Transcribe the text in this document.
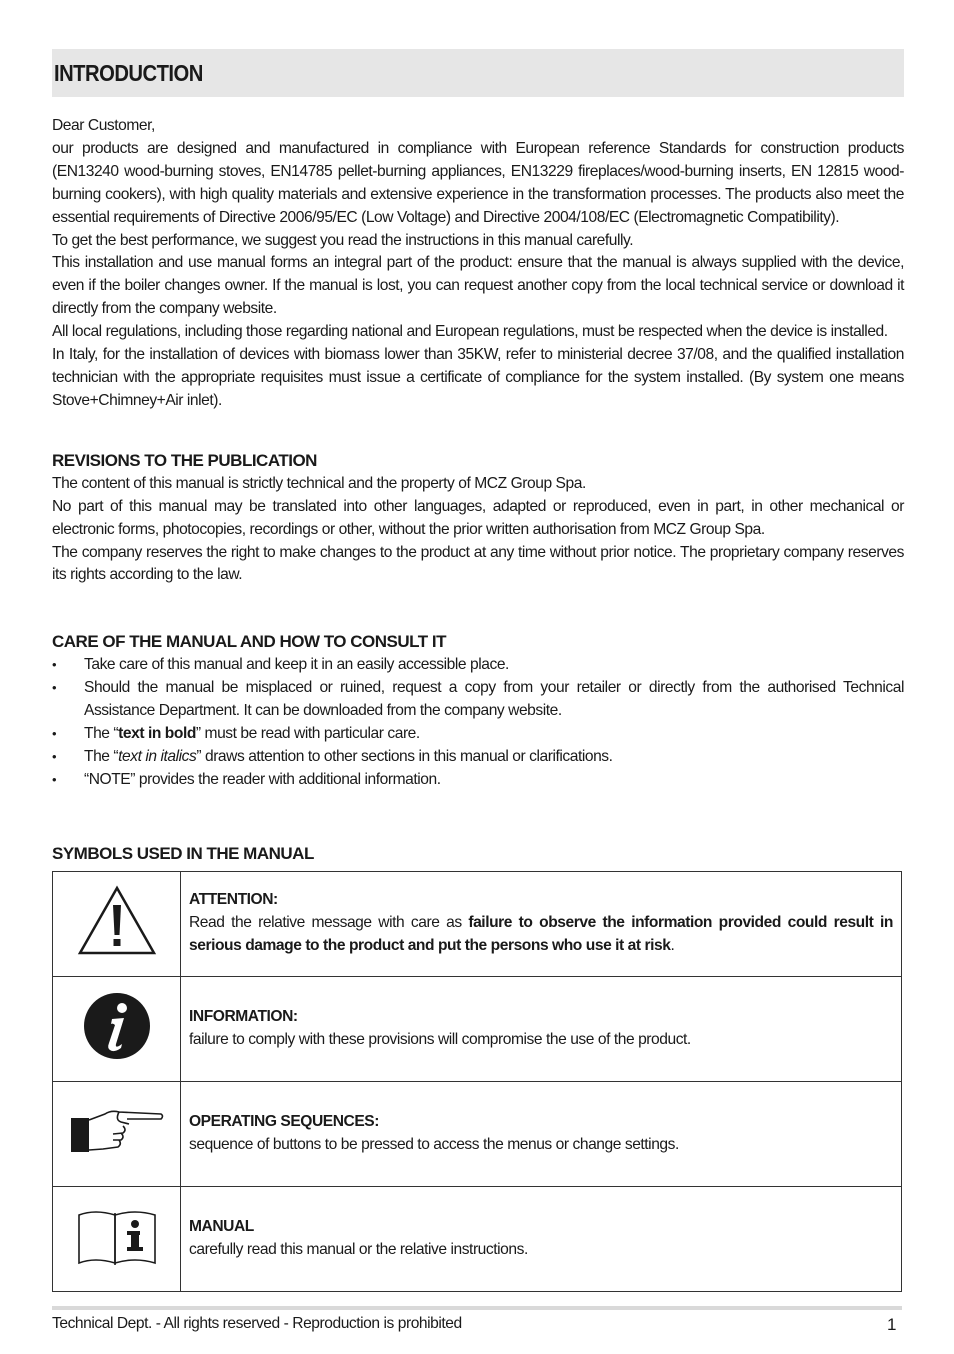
INTRODUCTION

Dear Customer,

our products are designed and manufactured in compliance with European reference Standards for construction products (EN13240 wood-burning stoves, EN14785 pellet-burning appliances, EN13229 fireplaces/wood-burning inserts, EN 12815 wood-burning cookers), with high quality materials and extensive experience in the transformation processes. The products also meet the essential requirements of Directive 2006/95/EC (Low Voltage) and Directive 2004/108/EC (Electromagnetic Compatibility).

To get the best performance, we suggest you read the instructions in this manual carefully.

This installation and use manual forms an integral part of the product: ensure that the manual is always supplied with the device, even if the boiler changes owner. If the manual is lost, you can request another copy from the local technical service or download it directly from the company website.

All local regulations, including those regarding national and European regulations, must be respected when the device is installed.

In Italy, for the installation of devices with biomass lower than 35KW, refer to ministerial decree 37/08, and the qualified installation technician with the appropriate requisites must issue a certificate of compliance for the system installed. (By system one means Stove+Chimney+Air inlet).

REVISIONS TO THE PUBLICATION

The content of this manual is strictly technical and the property of MCZ Group Spa.

No part of this manual may be translated into other languages, adapted or reproduced, even in part, in other mechanical or electronic forms, photocopies, recordings or other, without the prior written authorisation from MCZ Group Spa.

The company reserves the right to make changes to the product at any time without prior notice. The proprietary company reserves its rights according to the law.

CARE OF THE MANUAL AND HOW TO CONSULT IT
• Take care of this manual and keep it in an easily accessible place.
• Should the manual be misplaced or ruined, request a copy from your retailer or directly from the authorised Technical Assistance Department. It can be downloaded from the company website.
• The “text in bold” must be read with particular care.
• The “text in italics” draws attention to other sections in this manual or clarifications.
• “NOTE” provides the reader with additional information.
SYMBOLS USED IN THE MANUAL

ATTENTION:
Read the relative message with care as failure to observe the information provided could result in serious damage to the product and put the persons who use it at risk.

INFORMATION:
failure to comply with these provisions will compromise the use of the product.

OPERATING SEQUENCES:
sequence of buttons to be pressed to access the menus or change settings.

MANUAL
carefully read this manual or the relative instructions.
Technical Dept. - All rights reserved - Reproduction is prohibited	1
